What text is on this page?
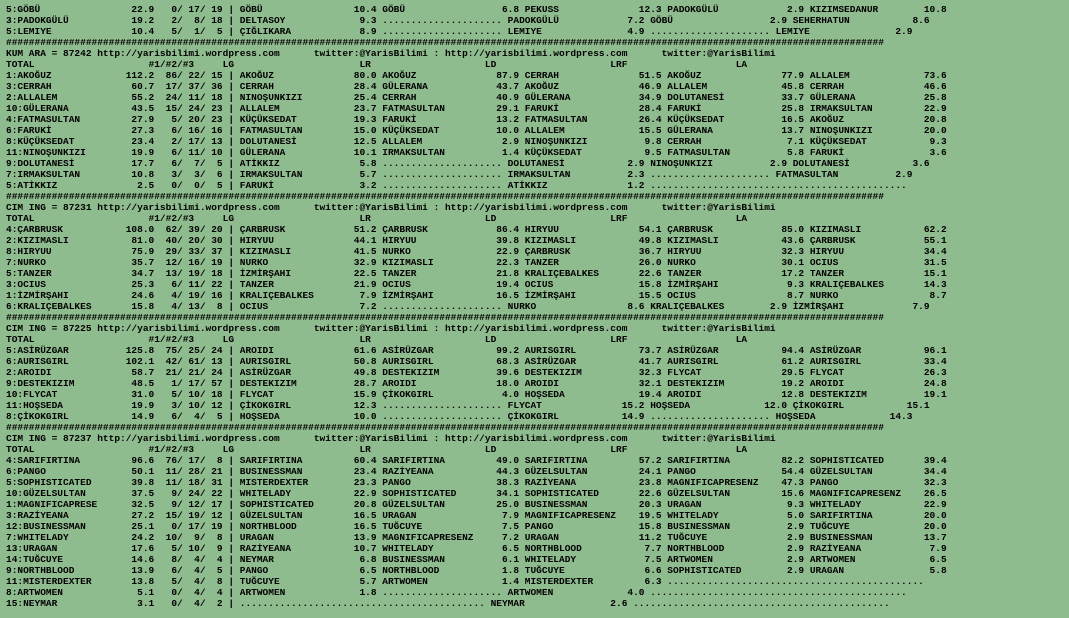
5:GÖBÜ                22.9   0/ 17/ 19 | GÖBÜ                10.4 GÖBÜ                 6.8 PEKUSS              12.3 PADOKGÜLÜ            2.9 KIZIMSEDANUR        10.8
3:PADOKGÜLÜ           19.2   2/  8/ 18 | DELTASOY             9.3 ..................... PADOKGÜLÜ            7.2 GÖBÜ                 2.9 SEHERHATUN           8.6
5:LEMIYE              10.4   5/  1/  5 | ÇIĞLIKARA            8.9 ..................... LEMIYE               4.9 ..................... LEMIYE               2.9
##########################################################################################################################################################
KUM ARA = 87242 http://yarisbilimi.wordpress.com      twitter:@YarisBilimi : http://yarisbilimi.wordpress.com      twitter:@YarisBilimi
TOTAL                    #1/#2/#3     LG                      LR                    LD                    LRF                   LA
1:AKOĞUZ             112.2  86/ 22/ 15 | AKOĞUZ              80.0 AKOĞUZ              87.9 CERRAH              51.5 AKOĞUZ              77.9 ALLALEM             73.6
3:CERRAH              60.7  17/ 37/ 36 | CERRAH              28.4 GÜLERANA            43.7 AKOĞUZ              46.9 ALLALEM             45.8 CERRAH              46.6
2:ALLALEM             55.2  24/ 11/ 18 | NINOŞUNKIZI         25.4 CERRAH              40.9 GÜLERANA            34.9 DOLUTANESİ          33.7 GÜLERANA            25.8
10:GÜLERANA           43.5  15/ 24/ 23 | ALLALEM             23.7 FATMASULTAN         29.1 FARUKİ              28.4 FARUKİ              25.8 IRMAKSULTAN         22.9
4:FATMASULTAN         27.9   5/ 20/ 23 | KÜÇÜKSEDAT          19.3 FARUKİ              13.2 FATMASULTAN         26.4 KÜÇÜKSEDAT          16.5 AKOĞUZ              20.8
6:FARUKİ              27.3   6/ 16/ 16 | FATMASULTAN         15.0 KÜÇÜKSEDAT          10.0 ALLALEM             15.5 GÜLERANA            13.7 NINOŞUNKIZI         20.0
8:KÜÇÜKSEDAT          23.4   2/ 17/ 13 | DOLUTANESİ          12.5 ALLALEM              2.9 NINOŞUNKIZI          9.8 CERRAH               7.1 KÜÇÜKSEDAT           9.3
11:NINOŞUNKIZI        19.9   6/ 11/ 10 | GÜLERANA            10.1 IRMAKSULTAN          1.4 KÜÇÜKSEDAT           9.5 FATMASULTAN          5.8 FARUKİ               3.6
9:DOLUTANESİ          17.7   6/  7/  5 | ATİKKIZ              5.8 ..................... DOLUTANESİ           2.9 NINOŞUNKIZI          2.9 DOLUTANESİ           3.6
7:IRMAKSULTAN         10.8   3/  3/  6 | IRMAKSULTAN          5.7 ..................... IRMAKSULTAN          2.3 ..................... FATMASULTAN          2.9
5:ATİKKIZ              2.5   0/  0/  5 | FARUKİ               3.2 ..................... ATİKKIZ              1.2 .............................................
##########################################################################################################################################################
CIM ING = 87231 http://yarisbilimi.wordpress.com      twitter:@YarisBilimi : http://yarisbilimi.wordpress.com      twitter:@YarisBilimi
TOTAL                    #1/#2/#3     LG                      LR                    LD                    LRF                   LA
4:ÇARBRUSK           108.0  62/ 39/ 20 | ÇARBRUSK            51.2 ÇARBRUSK            86.4 HIRYUU              54.1 ÇARBRUSK            85.0 KIZIMASLI           62.2
2:KIZIMASLI           81.0  40/ 20/ 30 | HIRYUU              44.1 HIRYUU              39.8 KIZIMASLI           49.8 KIZIMASLI           43.6 ÇARBRUSK            55.1
8:HIRYUU              75.9  29/ 33/ 37 | KIZIMASLI           41.5 NURKO               22.9 ÇARBRUSK            36.7 HIRYUU              32.3 HIRYUU              34.4
7:NURKO               35.7  12/ 16/ 19 | NURKO               32.9 KIZIMASLI           22.3 TANZER              26.0 NURKO               30.1 OCIUS               31.5
5:TANZER              34.7  13/ 19/ 18 | İZMİRŞAHI           22.5 TANZER              21.8 KRALIÇEBALKES       22.6 TANZER              17.2 TANZER              15.1
3:OCIUS               25.3   6/ 11/ 22 | TANZER              21.9 OCIUS               19.4 OCIUS               15.8 İZMİRŞAHI            9.3 KRALIÇEBALKES       14.3
1:İZMİRŞAHI           24.6   4/ 19/ 16 | KRALIÇEBALKES        7.9 İZMİRŞAHI           16.5 İZMİRŞAHI           15.5 OCIUS                8.7 NURKO                8.7
6:KRALIÇEBALKES       15.8   4/ 13/  8 | OCIUS                7.2 ..................... NURKO                8.6 KRALIÇEBALKES        2.9 İZMİRŞAHI            7.9
##########################################################################################################################################################
CIM ING = 87225 http://yarisbilimi.wordpress.com      twitter:@YarisBilimi : http://yarisbilimi.wordpress.com      twitter:@YarisBilimi
TOTAL                    #1/#2/#3     LG                      LR                    LD                    LRF                   LA
5:ASİRÜZGAR          125.8  75/ 25/ 24 | AROIDI              61.6 ASİRÜZGAR           99.2 AURISGIRL           73.7 ASİRÜZGAR           94.4 ASİRÜZGAR           96.1
6:AURISGIRL          102.1  42/ 61/ 13 | AURISGIRL           50.8 AURISGIRL           68.3 ASİRÜZGAR           41.7 AURISGIRL           61.2 AURISGIRL           33.4
2:AROIDI              58.7  21/ 21/ 24 | ASİRÜZGAR           49.8 DESTEKIZIM          39.6 DESTEKIZIM          32.3 FLYCAT              29.5 FLYCAT              26.3
9:DESTEKIZIM          48.5   1/ 17/ 57 | DESTEKIZIM          28.7 AROIDI              18.0 AROIDI              32.1 DESTEKIZIM          19.2 AROIDI              24.8
10:FLYCAT             31.0   5/ 10/ 18 | FLYCAT              15.9 ÇİKOKGIRL            4.0 HOŞSEDA             19.4 AROIDI              12.8 DESTEKIZIM          19.1
11:HOŞSEDA            19.9   3/ 10/ 12 | ÇİKOKGIRL           12.3 ..................... FLYCAT              15.2 HOŞSEDA             12.0 ÇİKOKGIRL           15.1
8:ÇİKOKGIRL           14.9   6/  4/  5 | HOŞSEDA             10.0 ..................... ÇİKOKGIRL           14.9 ..................... HOŞSEDA             14.3
##########################################################################################################################################################
CIM ING = 87237 http://yarisbilimi.wordpress.com      twitter:@YarisBilimi : http://yarisbilimi.wordpress.com      twitter:@YarisBilimi
TOTAL                    #1/#2/#3     LG                      LR                    LD                    LRF                   LA
4:SARIFIRTINA         96.6  76/ 17/  8 | SARIFIRTINA         60.4 SARIFIRTINA         49.0 SARIFIRTINA         57.2 SARIFIRTINA         82.2 SOPHISTICATED       39.4
6:PANGO               50.1  11/ 28/ 21 | BUSINESSMAN         23.4 RAZİYEANA           44.3 GÜZELSULTAN         24.1 PANGO               54.4 GÜZELSULTAN         34.4
5:SOPHISTICATED       39.8  11/ 18/ 31 | MISTERDEXTER        23.3 PANGO               38.3 RAZİYEANA           23.8 MAGNIFICAPRESENZ    47.3 PANGO               32.3
10:GÜZELSULTAN        37.5   9/ 24/ 22 | WHITELADY           22.9 SOPHISTICATED       34.1 SOPHISTICATED       22.6 GÜZELSULTAN         15.6 MAGNIFICAPRESENZ    26.5
1:MAGNIFICAPRESE      32.5   9/ 12/ 17 | SOPHISTICATED       20.8 GÜZELSULTAN         25.0 BUSINESSMAN         20.3 URAGAN               9.3 WHITELADY           22.9
3:RAZİYEANA           27.2  15/ 19/ 12 | GÜZELSULTAN         16.5 URAGAN               7.9 MAGNIFICAPRESENZ    19.5 WHITELADY            5.0 SARIFIRTINA         20.0
12:BUSINESSMAN        25.1   0/ 17/ 19 | NORTHBLOOD          16.5 TUĞCUYE              7.5 PANGO               15.8 BUSINESSMAN          2.9 TUĞCUYE             20.0
7:WHITELADY           24.2  10/  9/  8 | URAGAN              13.9 MAGNIFICAPRESENZ     7.2 URAGAN              11.2 TUĞCUYE              2.9 BUSINESSMAN         13.7
13:URAGAN             17.6   5/ 10/  9 | RAZİYEANA           10.7 WHITELADY            6.5 NORTHBLOOD           7.7 NORTHBLOOD           2.9 RAZİYEANA            7.9
14:TUĞCUYE            14.6   8/  4/  4 | NEYMAR               6.8 BUSINESSMAN          6.1 WHITELADY            7.5 ARTWOMEN             2.9 ARTWOMEN             6.5
9:NORTHBLOOD          13.9   6/  4/  5 | PANGO                6.5 NORTHBLOOD           1.8 TUĞCUYE              6.6 SOPHISTICATED        2.9 URAGAN               5.8
11:MISTERDEXTER       13.8   5/  4/  8 | TUĞCUYE              5.7 ARTWOMEN             1.4 MISTERDEXTER         6.3 .............................................
8:ARTWOMEN             5.1   0/  4/  4 | ARTWOMEN             1.8 ..................... ARTWOMEN             4.0 .............................................
15:NEYMAR              3.1   0/  4/  2 | ........................................... NEYMAR               2.6 .............................................
